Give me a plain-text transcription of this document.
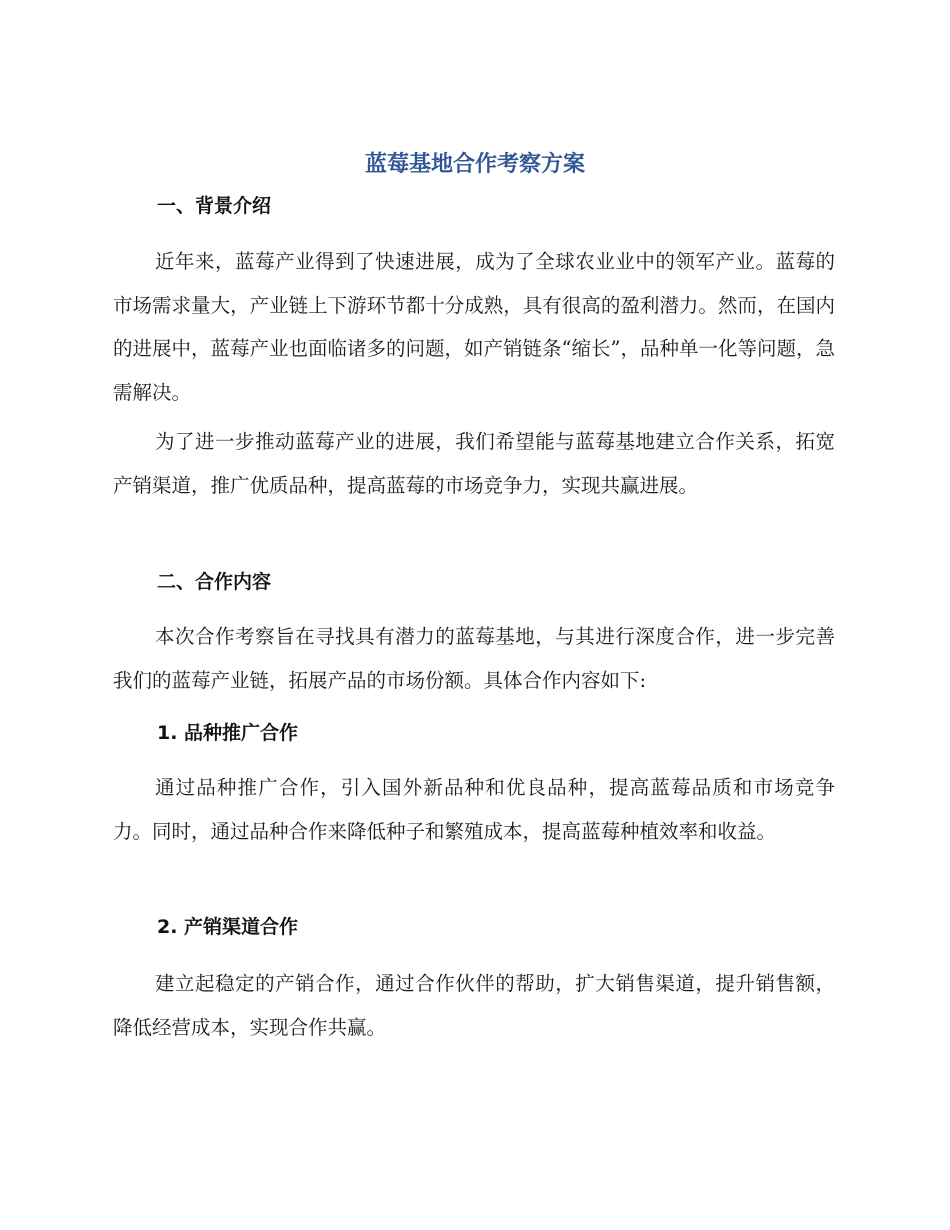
蓝莓基地合作考察方案
一、背景介绍

近年来，蓝莓产业得到了快速进展，成为了全球农业业中的领军产业。蓝莓的市场需求量大，产业链上下游环节都十分成熟，具有很高的盈利潜力。然而，在国内的进展中，蓝莓产业也面临诸多的问题，如产销链条“缩长”，品种单一化等问题，急需解决。

为了进一步推动蓝莓产业的进展，我们希望能与蓝莓基地建立合作关系，拓宽产销渠道，推广优质品种，提高蓝莓的市场竞争力，实现共赢进展。

二、合作内容

本次合作考察旨在寻找具有潜力的蓝莓基地，与其进行深度合作，进一步完善我们的蓝莓产业链，拓展产品的市场份额。具体合作内容如下:

1. 品种推广合作

通过品种推广合作，引入国外新品种和优良品种，提高蓝莓品质和市场竞争力。同时，通过品种合作来降低种子和繁殖成本，提高蓝莓种植效率和收益。

2. 产销渠道合作

建立起稳定的产销合作，通过合作伙伴的帮助，扩大销售渠道，提升销售额，降低经营成本，实现合作共赢。
